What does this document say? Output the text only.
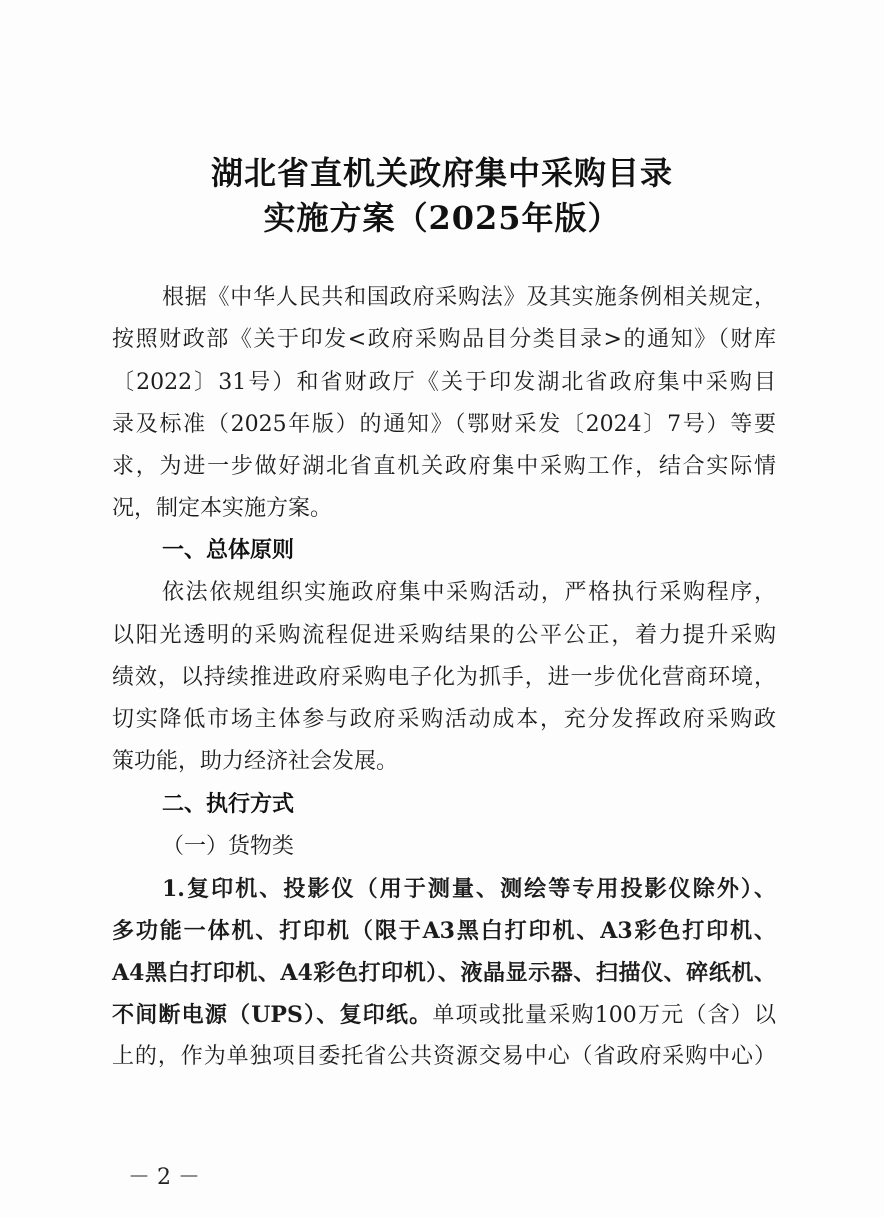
湖北省直机关政府集中采购目录
实施方案（2025年版）
根据《中华人民共和国政府采购法》及其实施条例相关规定，
按照财政部《关于印发<政府采购品目分类目录>的通知》（财库
〔2022〕31号）和省财政厅《关于印发湖北省政府集中采购目
录及标准（2025年版）的通知》（鄂财采发〔2024〕7号）等要
求，为进一步做好湖北省直机关政府集中采购工作，结合实际情
况，制定本实施方案。
一、总体原则
依法依规组织实施政府集中采购活动，严格执行采购程序，
以阳光透明的采购流程促进采购结果的公平公正，着力提升采购
绩效，以持续推进政府采购电子化为抓手，进一步优化营商环境，
切实降低市场主体参与政府采购活动成本，充分发挥政府采购政
策功能，助力经济社会发展。
二、执行方式
（一）货物类
1.复印机、投影仪（用于测量、测绘等专用投影仪除外）、
多功能一体机、打印机（限于A3黑白打印机、A3彩色打印机、
A4黑白打印机、A4彩色打印机）、液晶显示器、扫描仪、碎纸机、
不间断电源（UPS）、复印纸。单项或批量采购100万元（含）以
上的，作为单独项目委托省公共资源交易中心（省政府采购中心）
－ 2 －
